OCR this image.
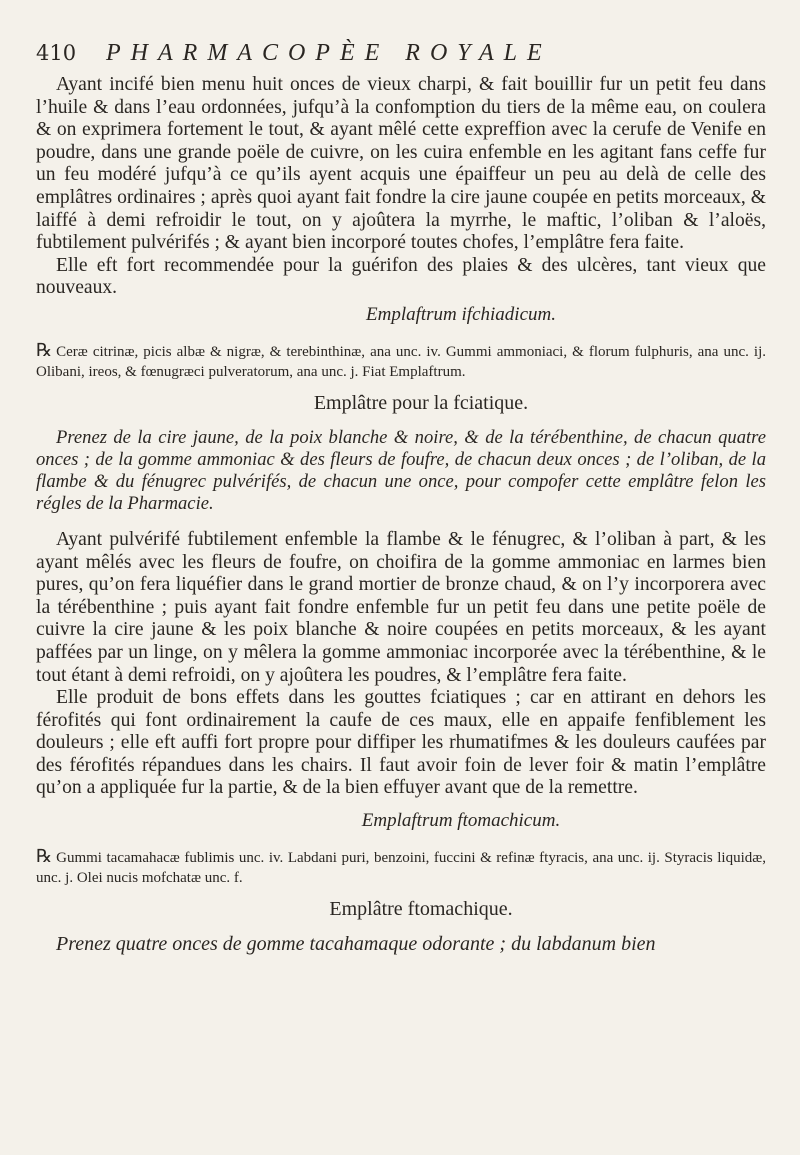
410	PHARMACOPÈE ROYALE

Ayant incifé bien menu huit onces de vieux charpi, & fait bouillir fur un petit feu dans l’huile & dans l’eau ordonnées, jufqu’à la confomption du tiers de la même eau, on coulera & on exprimera fortement le tout, & ayant mêlé cette expreffion avec la cerufe de Venife en poudre, dans une grande poële de cuivre, on les cuira enfemble en les agitant fans ceffe fur un feu modéré jufqu’à ce qu’ils ayent acquis une épaiffeur un peu au delà de celle des emplâtres ordinaires ; après quoi ayant fait fondre la cire jaune coupée en petits morceaux, & laiffé à demi refroidir le tout, on y ajoûtera la myrrhe, le maftic, l’oliban & l’aloës, fubtilement pulvérifés ; & ayant bien incorporé toutes chofes, l’emplâtre fera faite.

Elle eft fort recommendée pour la guérifon des plaies & des ulcères, tant vieux que nouveaux.

Emplaftrum ifchiadicum.

℞ Ceræ citrinæ, picis albæ & nigræ, & terebinthinæ, ana unc. iv. Gummi ammoniaci, & florum fulphuris, ana unc. ij. Olibani, ireos, & fœnugræci pulveratorum, ana unc. j. Fiat Emplaftrum.

Emplâtre pour la fciatique.

Prenez de la cire jaune, de la poix blanche & noire, & de la térébenthine, de chacun quatre onces ; de la gomme ammoniac & des fleurs de foufre, de chacun deux onces ; de l’oliban, de la flambe & du fénugrec pulvérifés, de chacun une once, pour compofer cette emplâtre felon les régles de la Pharmacie.

Ayant pulvérifé fubtilement enfemble la flambe & le fénugrec, & l’oliban à part, & les ayant mêlés avec les fleurs de foufre, on choifira de la gomme ammoniac en larmes bien pures, qu’on fera liquéfier dans le grand mortier de bronze chaud, & on l’y incorporera avec la térébenthine ; puis ayant fait fondre enfemble fur un petit feu dans une petite poële de cuivre la cire jaune & les poix blanche & noire coupées en petits morceaux, & les ayant paffées par un linge, on y mêlera la gomme ammoniac incorporée avec la térébenthine, & le tout étant à demi refroidi, on y ajoûtera les poudres, & l’emplâtre fera faite.

Elle produit de bons effets dans les gouttes fciatiques ; car en attirant en dehors les férofités qui font ordinairement la caufe de ces maux, elle en appaife fenfiblement les douleurs ; elle eft auffi fort propre pour diffiper les rhumatifmes & les douleurs caufées par des férofités répandues dans les chairs. Il faut avoir foin de lever foir & matin l’emplâtre qu’on a appliquée fur la partie, & de la bien effuyer avant que de la remettre.

Emplaftrum ftomachicum.

℞ Gummi tacamahacæ fublimis unc. iv. Labdani puri, benzoini, fuccini & refinæ ftyracis, ana unc. ij. Styracis liquidæ, unc. j. Olei nucis mofchatæ unc. f.

Emplâtre ftomachique.

Prenez quatre onces de gomme tacahamaque odorante ; du labdanum bien
